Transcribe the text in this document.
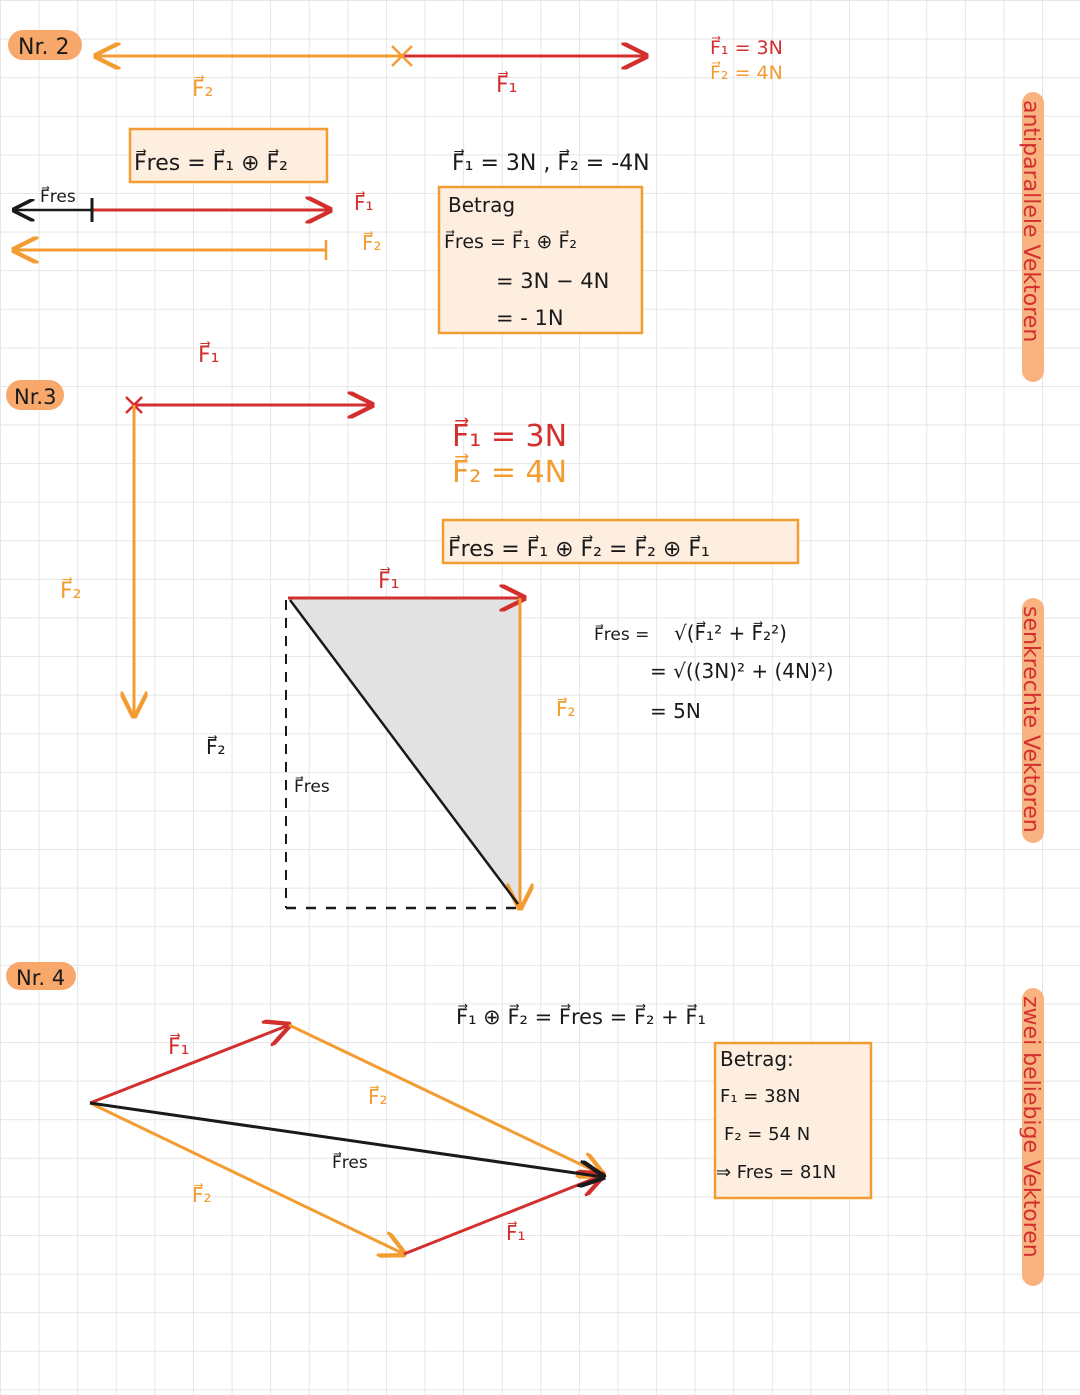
Nr. 2
F⃗₂	F⃗₁
F⃗₁ = 3N
F⃗₂ = 4N
F⃗res = F⃗₁ ⊕ F⃗₂
F⃗res	F⃗₁
F⃗₂
F⃗₁ = 3N , F⃗₂ = -4N
Betrag
F⃗res = F⃗₁ ⊕ F⃗₂
= 3N − 4N
= - 1N	antiparallele Vektoren
F⃗₁
Nr.3
F⃗₂
F⃗₁ = 3N
F⃗₂ = 4N
F⃗res = F⃗₁ ⊕ F⃗₂ = F⃗₂ ⊕ F⃗₁
F⃗₁
F⃗₂
F⃗₂
F⃗res
F⃗res = √(F⃗₁² + F⃗₂²)
= √((3N)² + (4N)²)
= 5N	senkrechte Vektoren
Nr. 4
F⃗₁ ⊕ F⃗₂ = F⃗res = F⃗₂ + F⃗₁
F⃗₁
F⃗₂
F⃗res
F⃗₂
F⃗₁
Betrag:
F₁ = 38N
F₂ = 54 N
⇒ Fres = 81N	zwei beliebige Vektoren
